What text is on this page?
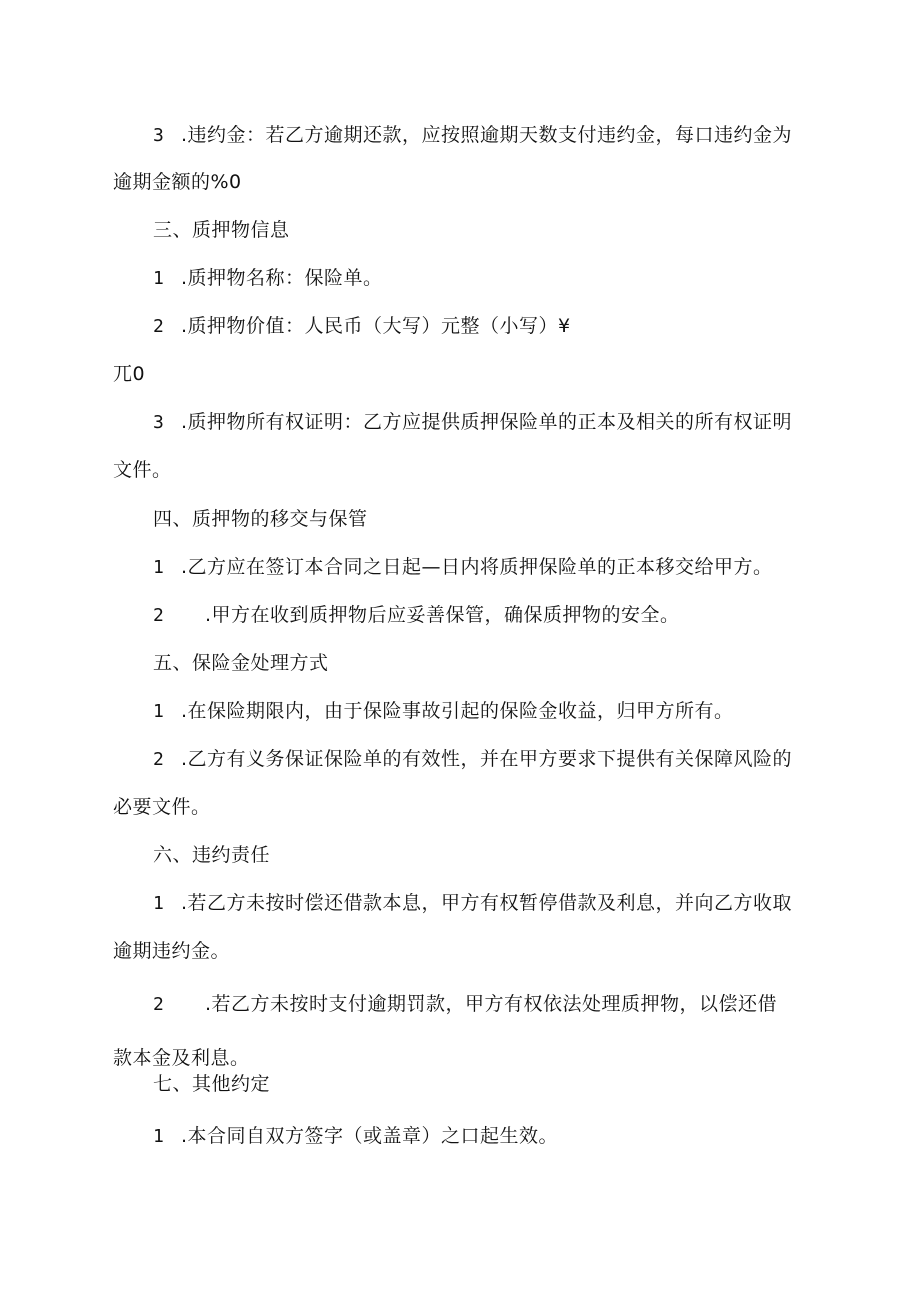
3 .违约金：若乙方逾期还款，应按照逾期天数支付违约金，每口违约金为
逾期金额的%0
三、质押物信息
1 .质押物名称：保险单。
2 .质押物价值：人民币（大写）元整（小写）¥
兀0
3 .质押物所有权证明：乙方应提供质押保险单的正本及相关的所有权证明
文件。
四、质押物的移交与保管
1 .乙方应在签订本合同之日起—日内将质押保险单的正本移交给甲方。
2 .甲方在收到质押物后应妥善保管，确保质押物的安全。
五、保险金处理方式
1 .在保险期限内，由于保险事故引起的保险金收益，归甲方所有。
2 .乙方有义务保证保险单的有效性，并在甲方要求下提供有关保障风险的
必要文件。
六、违约责任
1 .若乙方未按时偿还借款本息，甲方有权暂停借款及利息，并向乙方收取
逾期违约金。
2 .若乙方未按时支付逾期罚款，甲方有权依法处理质押物，以偿还借
款本金及利息。
七、其他约定
1 .本合同自双方签字（或盖章）之口起生效。
